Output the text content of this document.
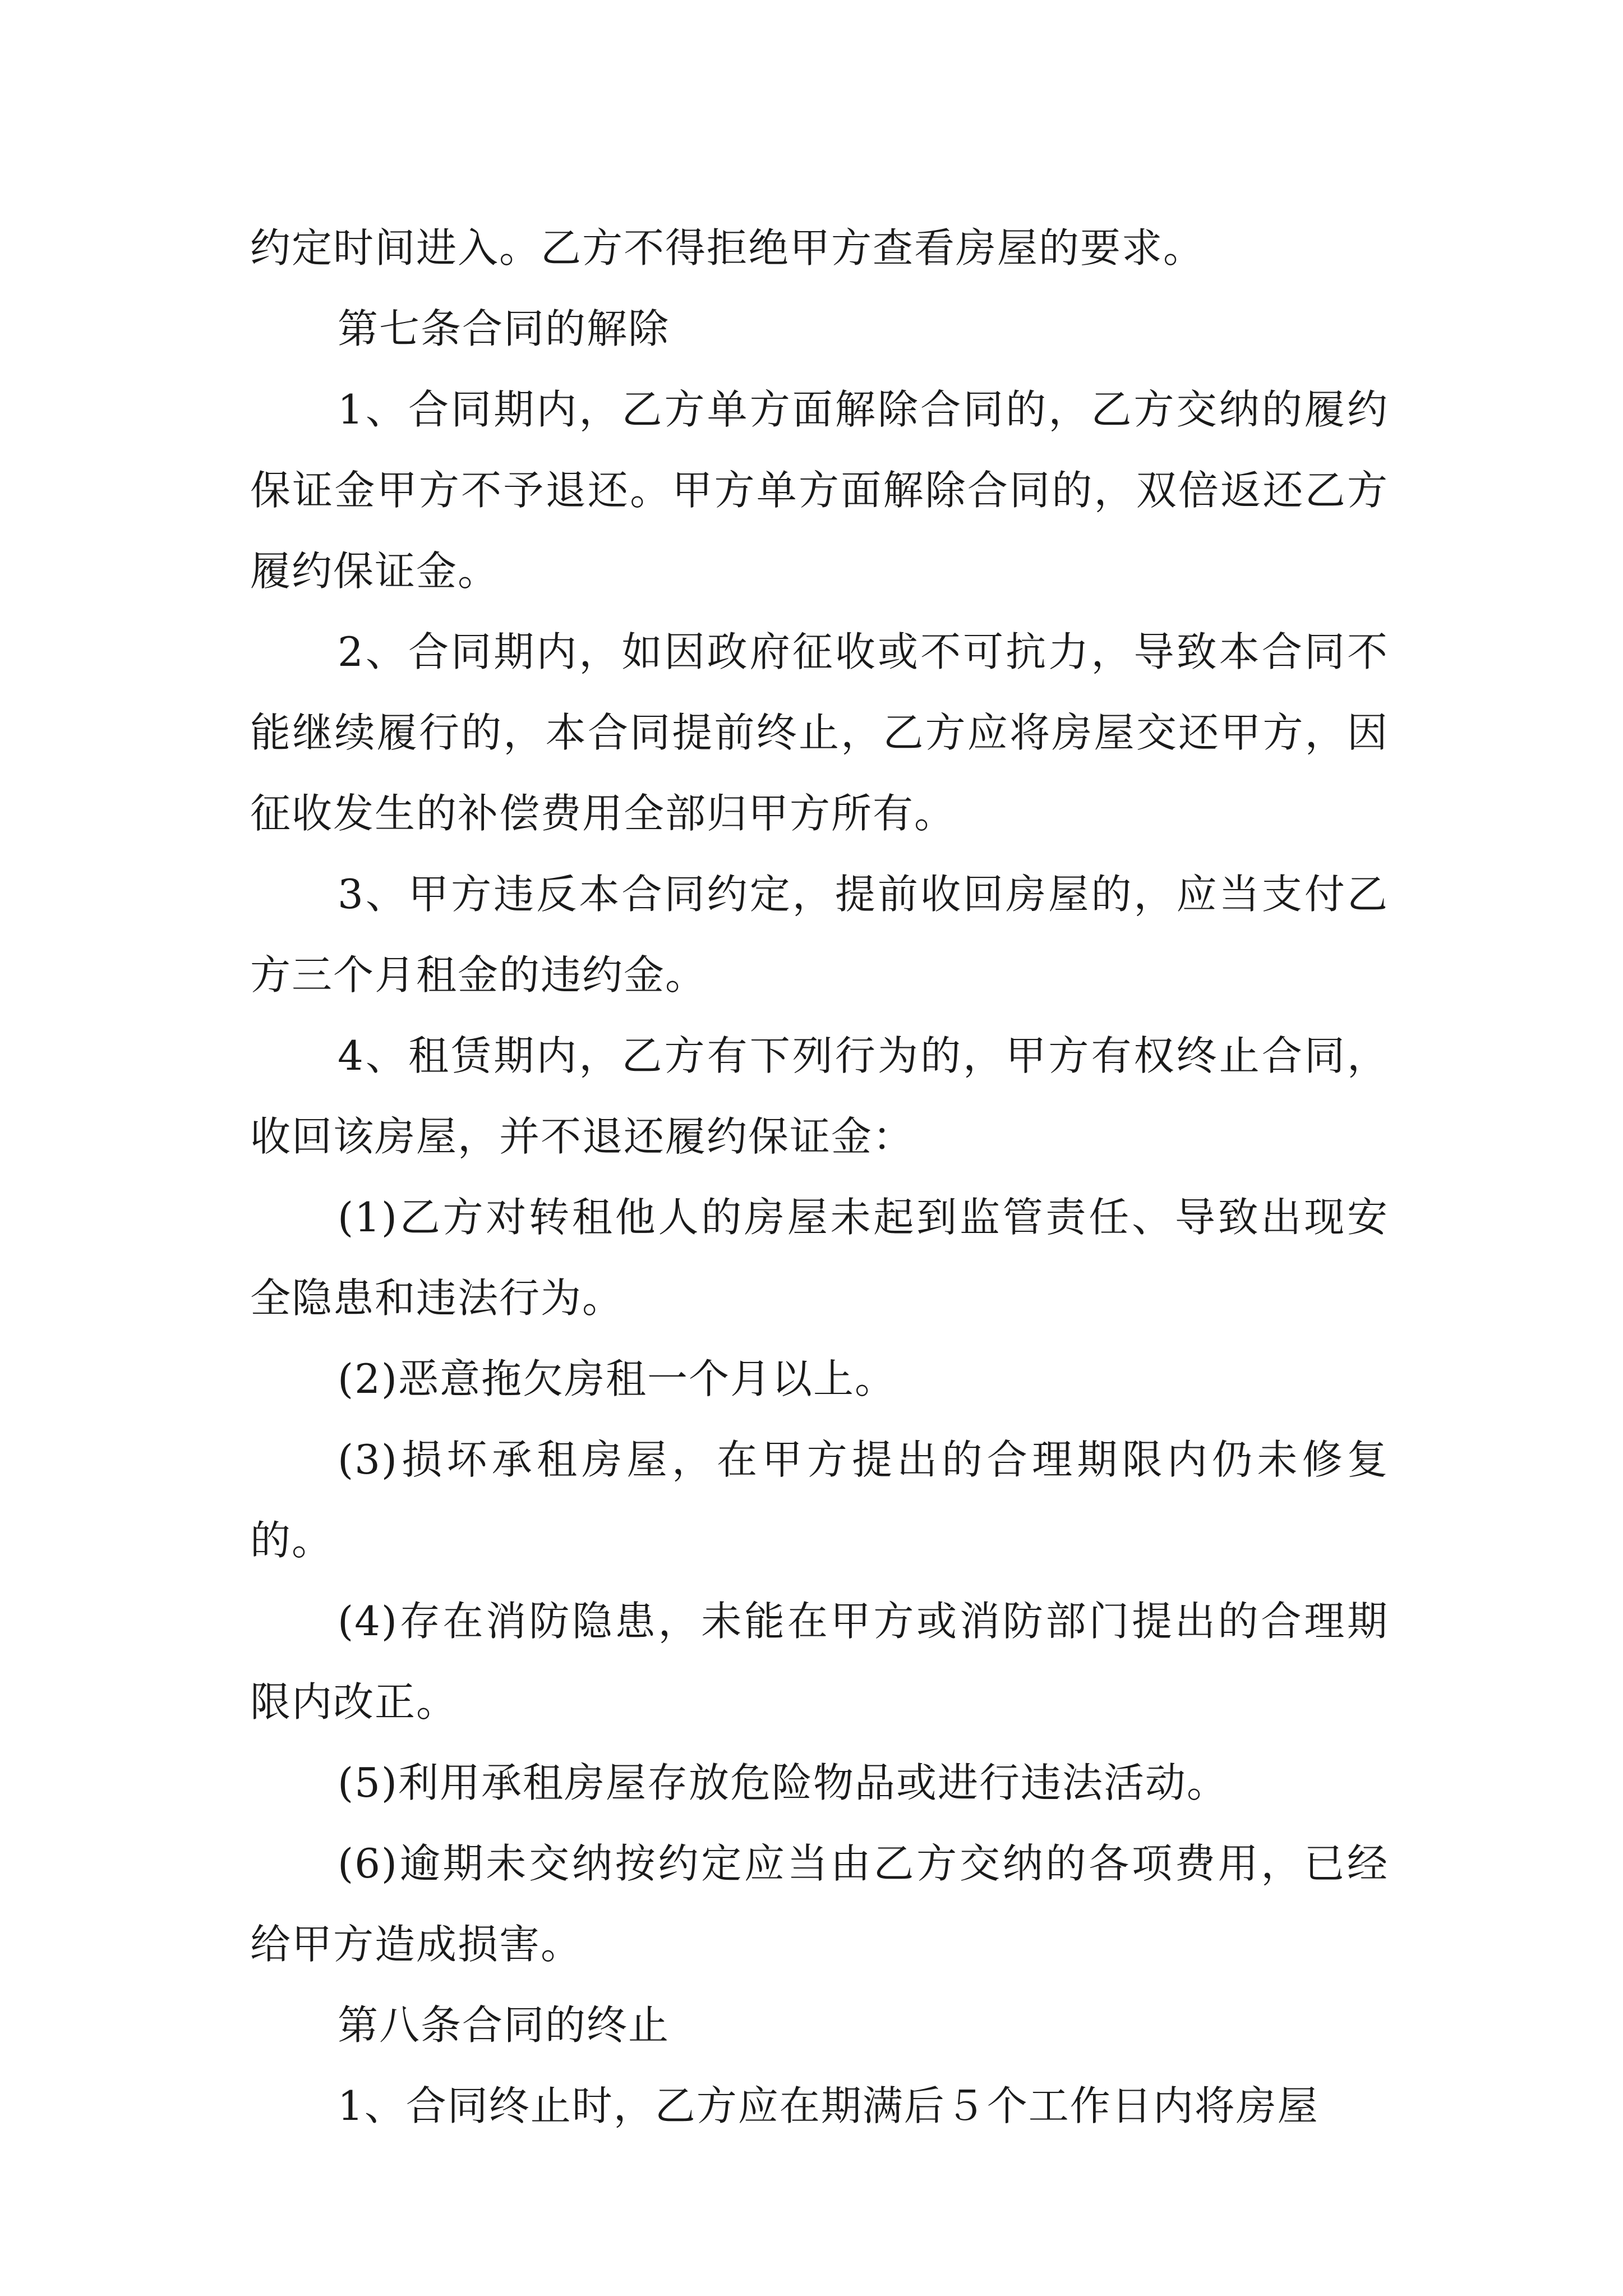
约定时间进入。乙方不得拒绝甲方查看房屋的要求。

第七条合同的解除

1、合同期内，乙方单方面解除合同的，乙方交纳的履约保证金甲方不予退还。甲方单方面解除合同的，双倍返还乙方履约保证金。

2、合同期内，如因政府征收或不可抗力，导致本合同不能继续履行的，本合同提前终止，乙方应将房屋交还甲方，因征收发生的补偿费用全部归甲方所有。

3、甲方违反本合同约定，提前收回房屋的，应当支付乙方三个月租金的违约金。

4、租赁期内，乙方有下列行为的，甲方有权终止合同，收回该房屋，并不退还履约保证金：

(1)乙方对转租他人的房屋未起到监管责任、导致出现安全隐患和违法行为。

(2)恶意拖欠房租一个月以上。

(3)损坏承租房屋，在甲方提出的合理期限内仍未修复的。

(4)存在消防隐患，未能在甲方或消防部门提出的合理期限内改正。

(5)利用承租房屋存放危险物品或进行违法活动。

(6)逾期未交纳按约定应当由乙方交纳的各项费用，已经给甲方造成损害。

第八条合同的终止

1、合同终止时，乙方应在期满后５个工作日内将房屋
